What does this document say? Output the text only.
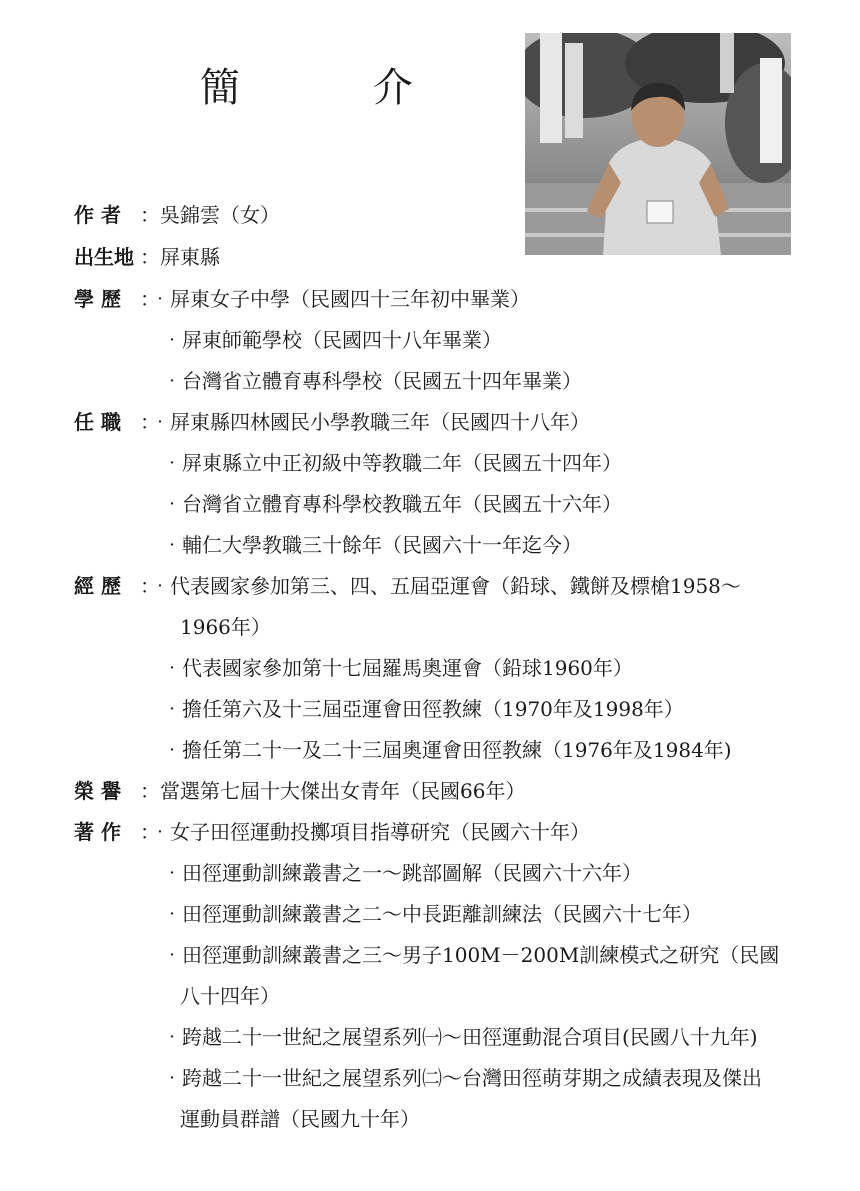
簡 介
作 者 ：吳錦雲（女）
出生地 ：屏東縣
學 歷 ：‧屏東女子中學（民國四十三年初中畢業）
‧屏東師範學校（民國四十八年畢業）
‧台灣省立體育專科學校（民國五十四年畢業）
任 職 ：‧屏東縣四林國民小學教職三年（民國四十八年）
‧屏東縣立中正初級中等教職二年（民國五十四年）
‧台灣省立體育專科學校教職五年（民國五十六年）
‧輔仁大學教職三十餘年（民國六十一年迄今）
經 歷 ：‧代表國家參加第三、四、五屆亞運會（鉛球、鐵餅及標槍1958～
1966年）
‧代表國家參加第十七屆羅馬奧運會（鉛球1960年）
‧擔任第六及十三屆亞運會田徑教練（1970年及1998年）
‧擔任第二十一及二十三屆奧運會田徑教練（1976年及1984年)
榮 譽 ：當選第七屆十大傑出女青年（民國66年）
著 作 ：‧女子田徑運動投擲項目指導研究（民國六十年）
‧田徑運動訓練叢書之一～跳部圖解（民國六十六年）
‧田徑運動訓練叢書之二～中長距離訓練法（民國六十七年）
‧田徑運動訓練叢書之三～男子100M－200M訓練模式之研究（民國
八十四年）
‧跨越二十一世紀之展望系列㈠～田徑運動混合項目(民國八十九年)
‧跨越二十一世紀之展望系列㈡～台灣田徑萌芽期之成績表現及傑出
運動員群譜（民國九十年）
